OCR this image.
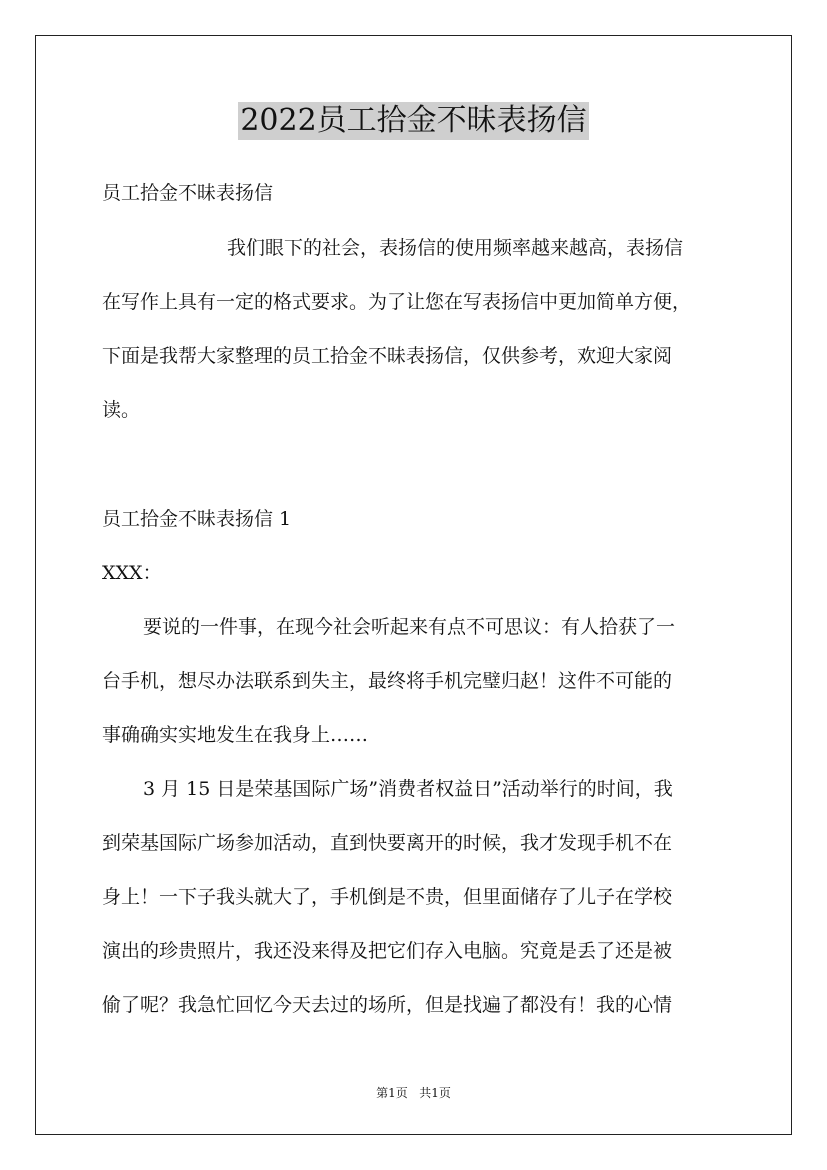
2022员工拾金不昧表扬信
员工拾金不昧表扬信
我们眼下的社会，表扬信的使用频率越来越高，表扬信
在写作上具有一定的格式要求。为了让您在写表扬信中更加简单方便，
下面是我帮大家整理的员工拾金不昧表扬信，仅供参考，欢迎大家阅
读。
员工拾金不昧表扬信 1
XXX：
要说的一件事，在现今社会听起来有点不可思议：有人拾获了一
台手机，想尽办法联系到失主，最终将手机完璧归赵！这件不可能的
事确确实实地发生在我身上……
3 月 15 日是荣基国际广场”消费者权益日”活动举行的时间，我
到荣基国际广场参加活动，直到快要离开的时候，我才发现手机不在
身上！一下子我头就大了，手机倒是不贵，但里面储存了儿子在学校
演出的珍贵照片，我还没来得及把它们存入电脑。究竟是丢了还是被
偷了呢？我急忙回忆今天去过的场所，但是找遍了都没有！我的心情
第1页 共1页
